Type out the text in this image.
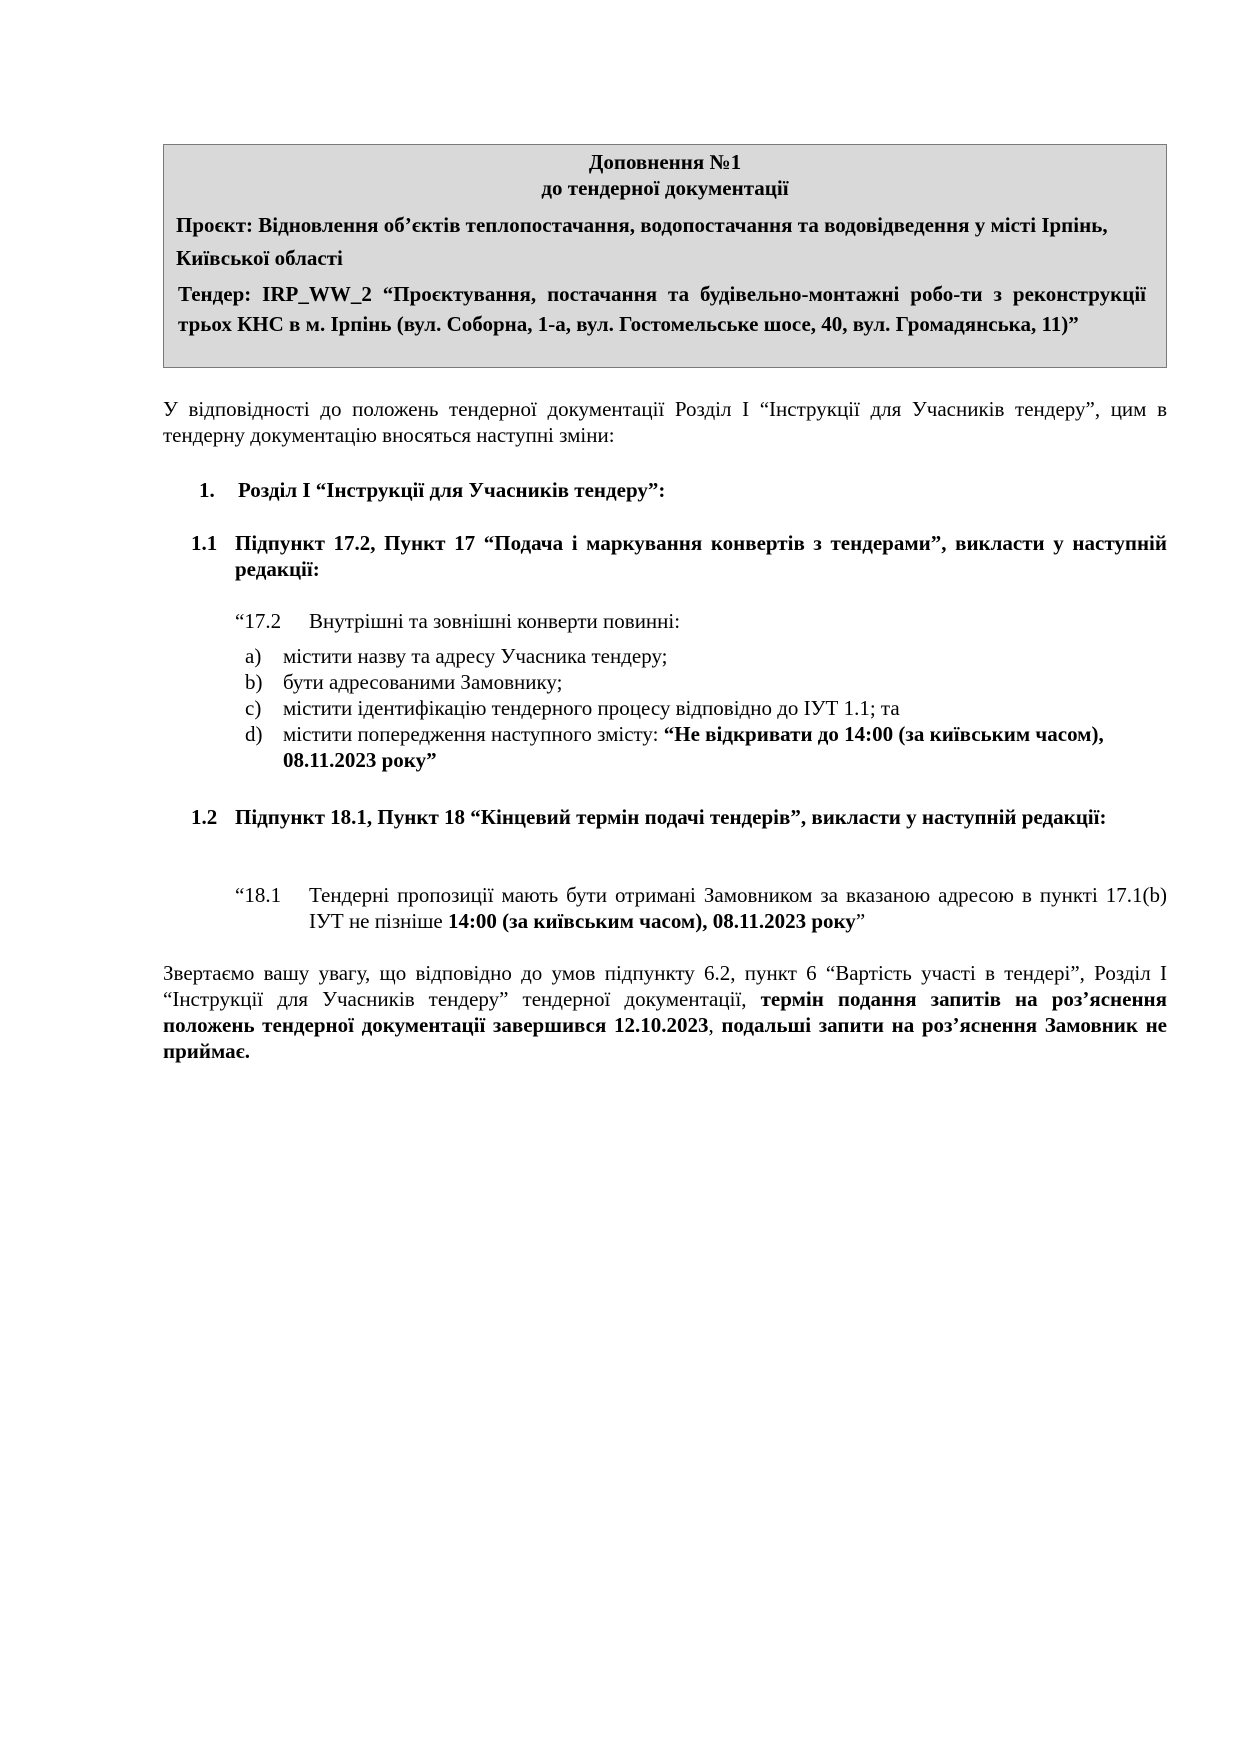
Доповнення №1
до тендерної документації
Проєкт: Відновлення об’єктів теплопостачання, водопостачання та водовідведення у місті Ірпінь, Київської області
Тендер: IRP_WW_2 “Проєктування, постачання та будівельно-монтажні робо-ти з реконструкції трьох КНС в м. Ірпінь (вул. Соборна, 1-а, вул. Гостомельське шосе, 40, вул. Громадянська, 11)”
У відповідності до положень тендерної документації Розділ І “Інструкції для Учасників тендеру”, цим в тендерну документацію вносяться наступні зміни:
1. Розділ І “Інструкції для Учасників тендеру”:
1.1 Підпункт 17.2, Пункт 17 “Подача і маркування конвертів з тендерами”, викласти у наступній редакції:
“17.2 Внутрішні та зовнішні конверти повинні:
a) містити назву та адресу Учасника тендеру;
b) бути адресованими Замовнику;
c) містити ідентифікацію тендерного процесу відповідно до ІУТ 1.1; та
d) містити попередження наступного змісту: “Не відкривати до 14:00 (за київським часом), 08.11.2023 року”
1.2 Підпункт 18.1, Пункт 18 “Кінцевий термін подачі тендерів”, викласти у наступній редакції:
“18.1 Тендерні пропозиції мають бути отримані Замовником за вказаною адресою в пункті 17.1(b) ІУТ не пізніше 14:00 (за київським часом), 08.11.2023 року”
Звертаємо вашу увагу, що відповідно до умов підпункту 6.2, пункт 6 “Вартість участі в тендері”, Розділ І “Інструкції для Учасників тендеру” тендерної документації, термін подання запитів на роз’яснення положень тендерної документації завершився 12.10.2023, подальші запити на роз’яснення Замовник не приймає.
